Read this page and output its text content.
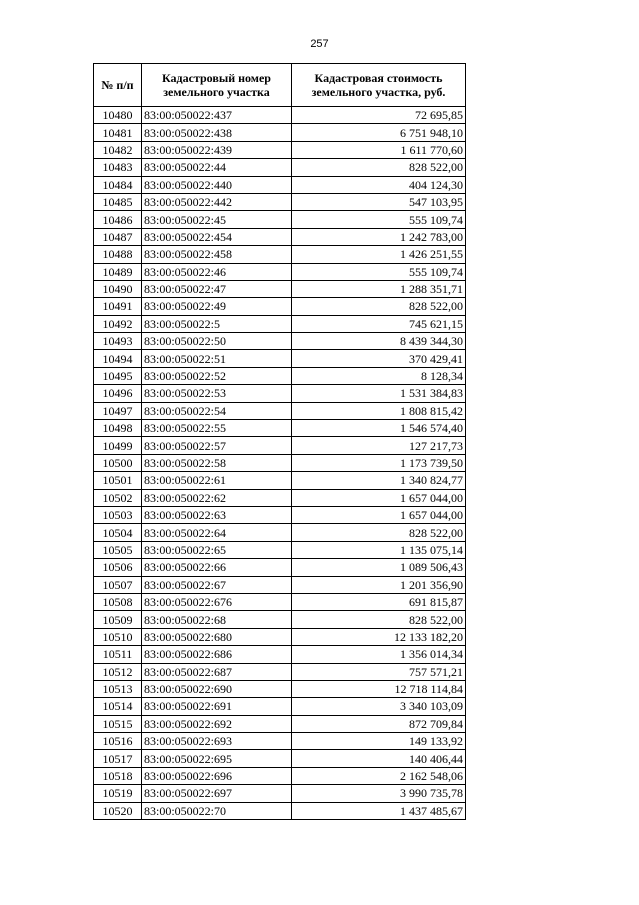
257
№ п/п	Кадастровый номер земельного участка	Кадастровая стоимость земельного участка, руб.
10480	83:00:050022:437	72 695,85
10481	83:00:050022:438	6 751 948,10
10482	83:00:050022:439	1 611 770,60
10483	83:00:050022:44	828 522,00
10484	83:00:050022:440	404 124,30
10485	83:00:050022:442	547 103,95
10486	83:00:050022:45	555 109,74
10487	83:00:050022:454	1 242 783,00
10488	83:00:050022:458	1 426 251,55
10489	83:00:050022:46	555 109,74
10490	83:00:050022:47	1 288 351,71
10491	83:00:050022:49	828 522,00
10492	83:00:050022:5	745 621,15
10493	83:00:050022:50	8 439 344,30
10494	83:00:050022:51	370 429,41
10495	83:00:050022:52	8 128,34
10496	83:00:050022:53	1 531 384,83
10497	83:00:050022:54	1 808 815,42
10498	83:00:050022:55	1 546 574,40
10499	83:00:050022:57	127 217,73
10500	83:00:050022:58	1 173 739,50
10501	83:00:050022:61	1 340 824,77
10502	83:00:050022:62	1 657 044,00
10503	83:00:050022:63	1 657 044,00
10504	83:00:050022:64	828 522,00
10505	83:00:050022:65	1 135 075,14
10506	83:00:050022:66	1 089 506,43
10507	83:00:050022:67	1 201 356,90
10508	83:00:050022:676	691 815,87
10509	83:00:050022:68	828 522,00
10510	83:00:050022:680	12 133 182,20
10511	83:00:050022:686	1 356 014,34
10512	83:00:050022:687	757 571,21
10513	83:00:050022:690	12 718 114,84
10514	83:00:050022:691	3 340 103,09
10515	83:00:050022:692	872 709,84
10516	83:00:050022:693	149 133,92
10517	83:00:050022:695	140 406,44
10518	83:00:050022:696	2 162 548,06
10519	83:00:050022:697	3 990 735,78
10520	83:00:050022:70	1 437 485,67
